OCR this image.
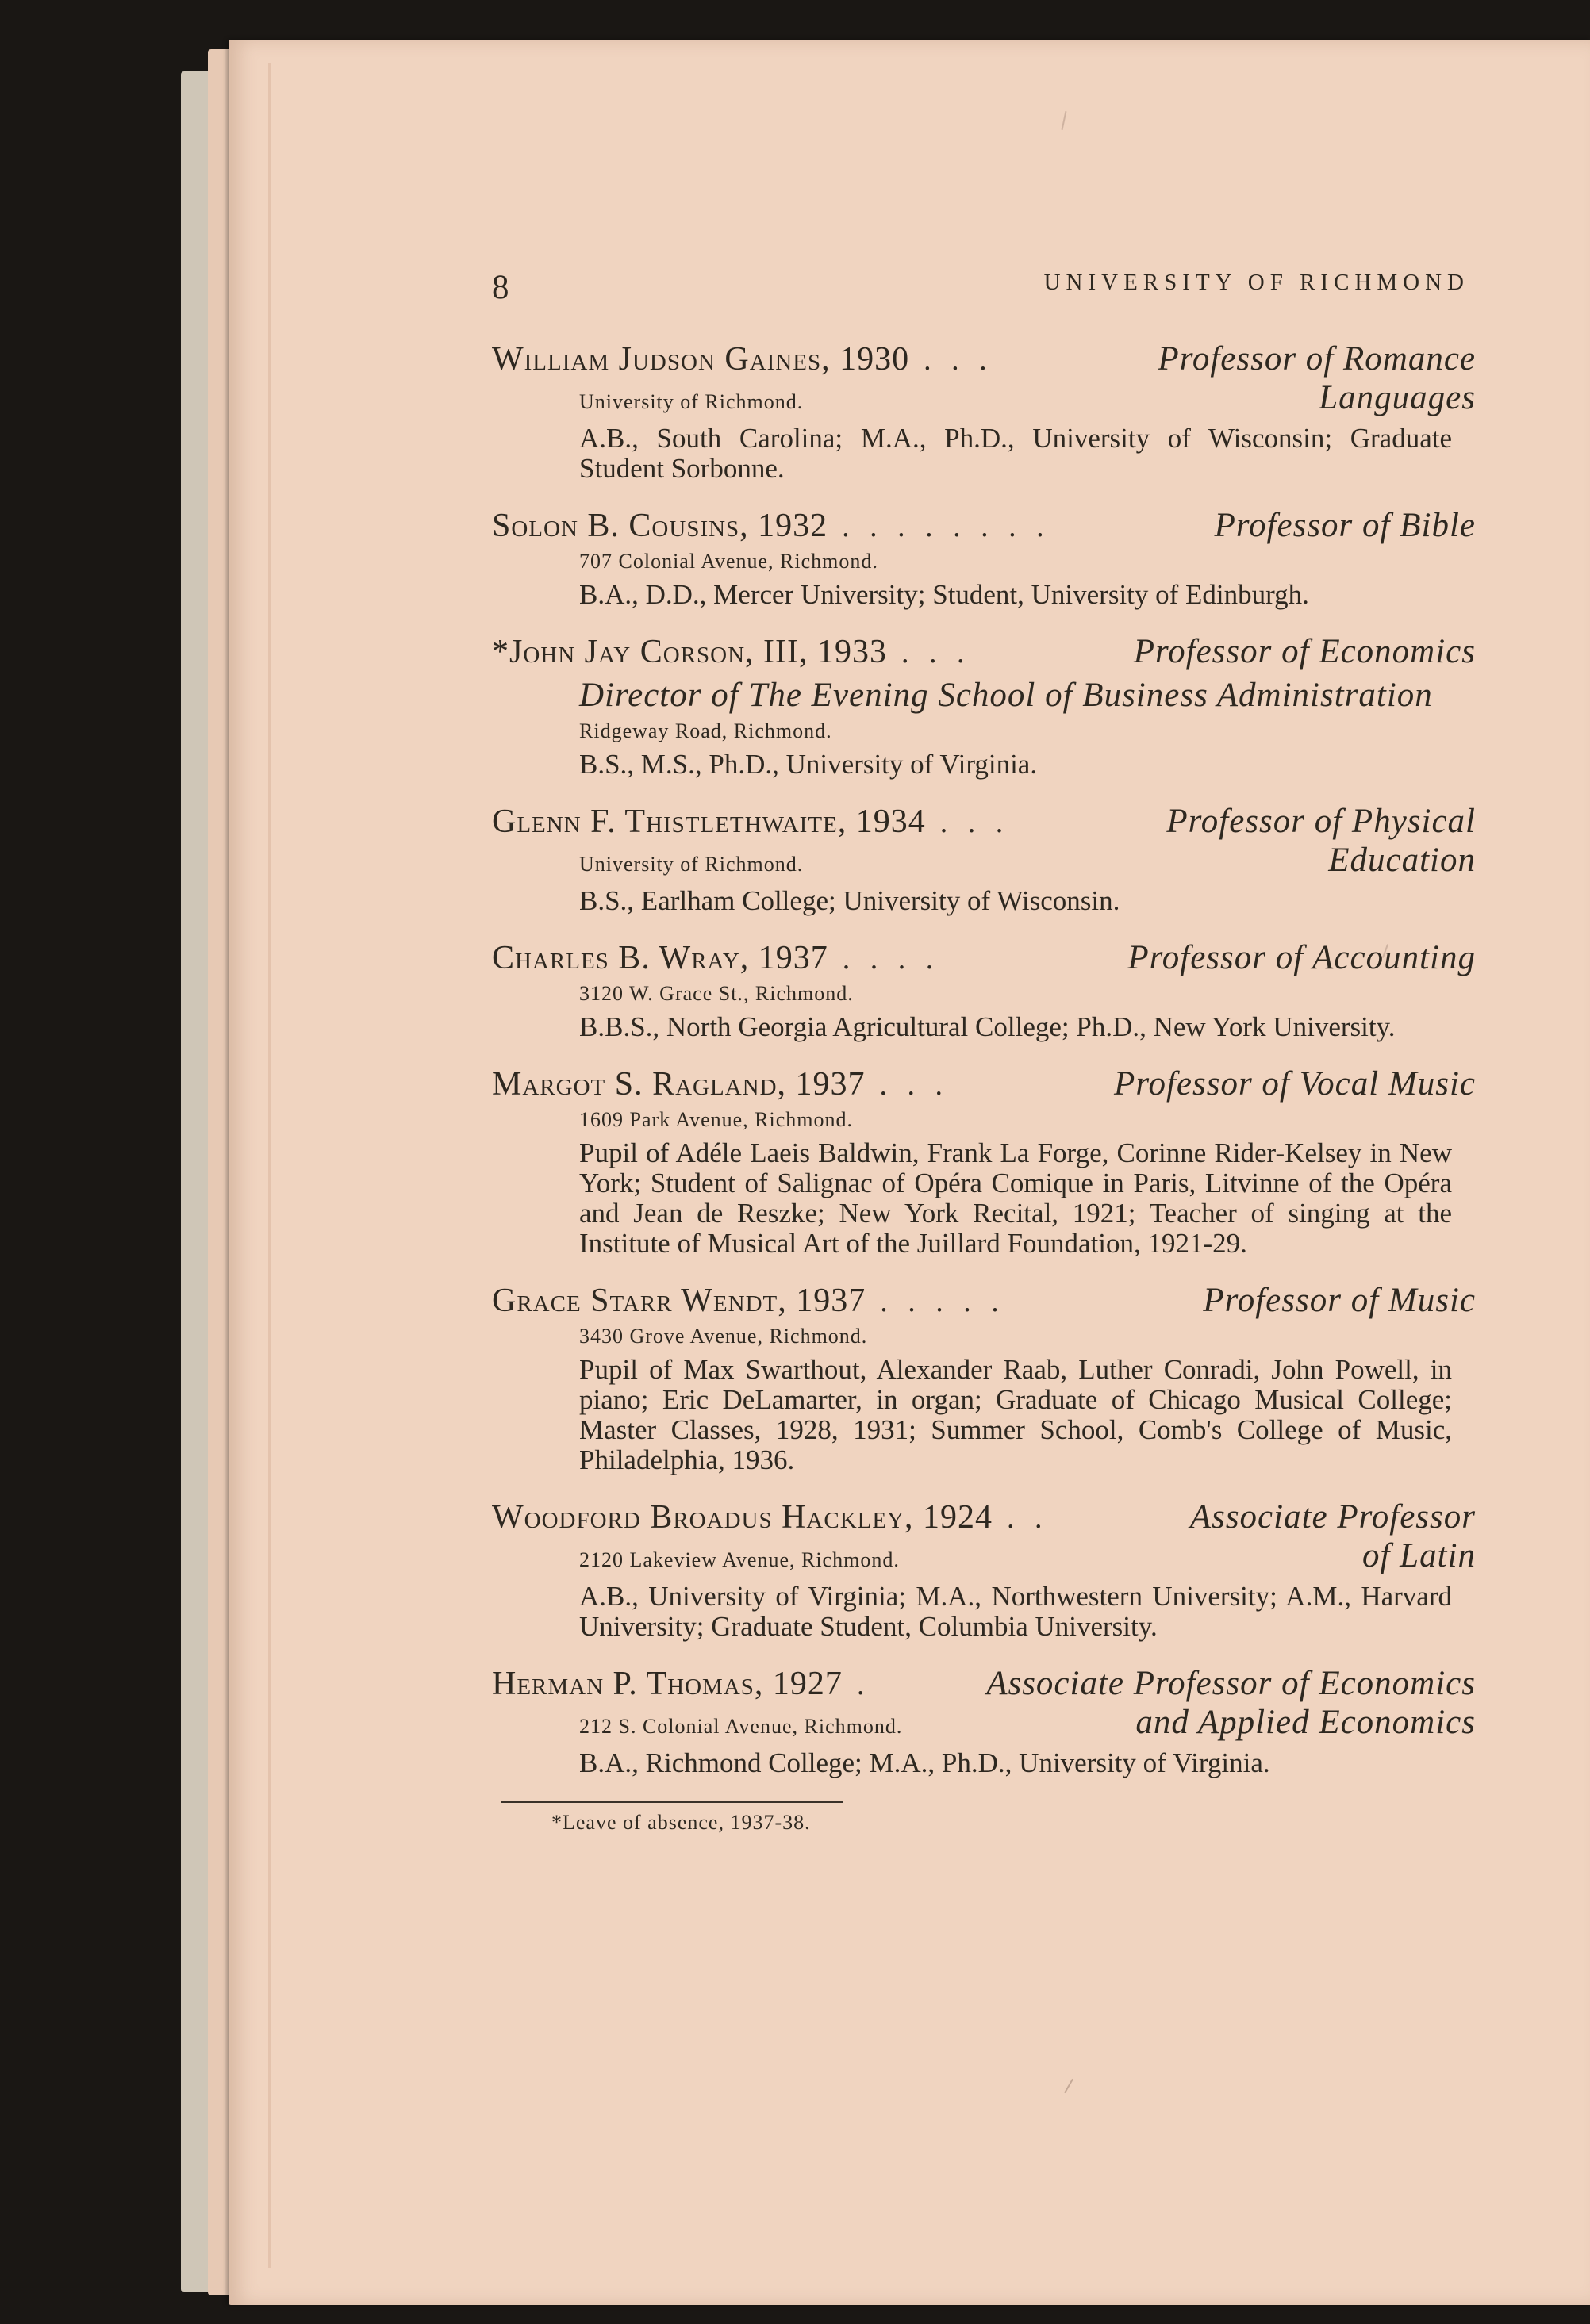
8	UNIVERSITY OF RICHMOND
William Judson Gaines, 1930 . . .	Professor of Romance
University of Richmond.	Languages
A.B., South Carolina; M.A., Ph.D., University of Wisconsin; Graduate Student Sorbonne.
Solon B. Cousins, 1932 . . . . . . . .	Professor of Bible
707 Colonial Avenue, Richmond.
B.A., D.D., Mercer University; Student, University of Edinburgh.
*John Jay Corson, III, 1933 . . .	Professor of Economics
Director of The Evening School of Business Administration
Ridgeway Road, Richmond.
B.S., M.S., Ph.D., University of Virginia.
Glenn F. Thistlethwaite, 1934 . . .	Professor of Physical
University of Richmond.	Education
B.S., Earlham College; University of Wisconsin.
Charles B. Wray, 1937 . . . .	Professor of Accounting
3120 W. Grace St., Richmond.
B.B.S., North Georgia Agricultural College; Ph.D., New York University.
Margot S. Ragland, 1937 . . .	Professor of Vocal Music
1609 Park Avenue, Richmond.
Pupil of Adéle Laeis Baldwin, Frank La Forge, Corinne Rider-Kelsey in New York; Student of Salignac of Opéra Comique in Paris, Litvinne of the Opéra and Jean de Reszke; New York Recital, 1921; Teacher of singing at the Institute of Musical Art of the Juillard Foundation, 1921-29.
Grace Starr Wendt, 1937 . . . . .	Professor of Music
3430 Grove Avenue, Richmond.
Pupil of Max Swarthout, Alexander Raab, Luther Conradi, John Powell, in piano; Eric DeLamarter, in organ; Graduate of Chicago Musical College; Master Classes, 1928, 1931; Summer School, Comb's College of Music, Philadelphia, 1936.
Woodford Broadus Hackley, 1924 . .	Associate Professor
2120 Lakeview Avenue, Richmond.	of Latin
A.B., University of Virginia; M.A., Northwestern University; A.M., Harvard University; Graduate Student, Columbia University.
Herman P. Thomas, 1927 .	Associate Professor of Economics
212 S. Colonial Avenue, Richmond.	and Applied Economics
B.A., Richmond College; M.A., Ph.D., University of Virginia.
*Leave of absence, 1937-38.
